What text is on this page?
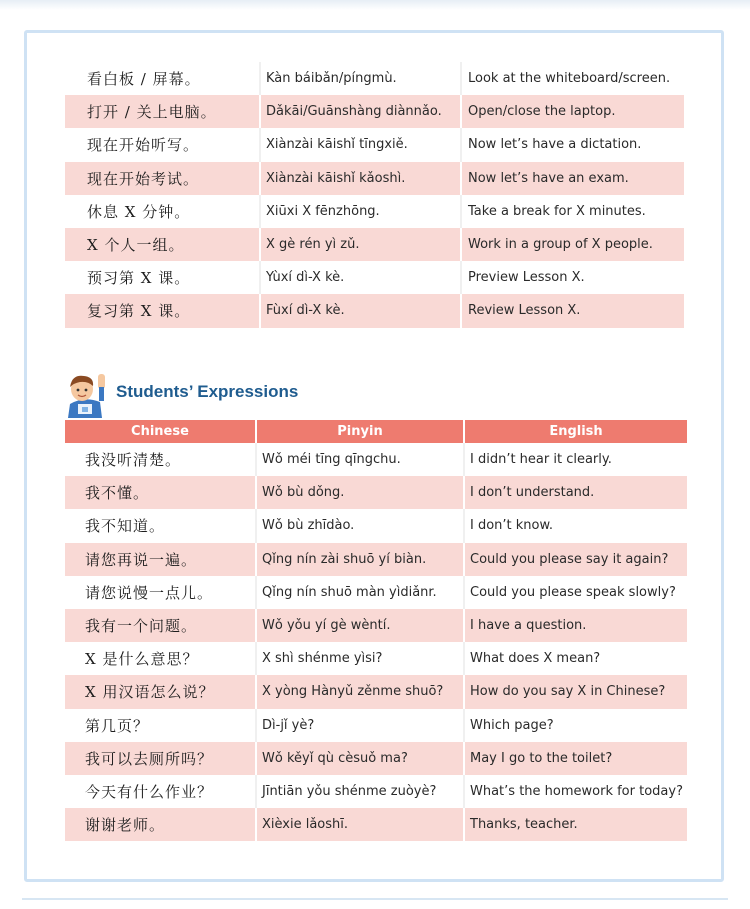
看白板 / 屏幕。	Kàn báibǎn/píngmù.	Look at the whiteboard/screen.
打开 / 关上电脑。	Dǎkāi/Guānshàng diànnǎo.	Open/close the laptop.
现在开始听写。	Xiànzài kāishǐ tīngxiě.	Now let’s have a dictation.
现在开始考试。	Xiànzài kāishǐ kǎoshì.	Now let’s have an exam.
休息 X 分钟。	Xiūxi X fēnzhōng.	Take a break for X minutes.
X 个人一组。	X gè rén yì zǔ.	Work in a group of X people.
预习第 X 课。	Yùxí dì-X kè.	Preview Lesson X.
复习第 X 课。	Fùxí dì-X kè.	Review Lesson X.
Students’ Expressions
Chinese	Pinyin	English
我没听清楚。	Wǒ méi tīng qīngchu.	I didn’t hear it clearly.
我不懂。	Wǒ bù dǒng.	I don’t understand.
我不知道。	Wǒ bù zhīdào.	I don’t know.
请您再说一遍。	Qǐng nín zài shuō yí biàn.	Could you please say it again?
请您说慢一点儿。	Qǐng nín shuō màn yìdiǎnr.	Could you please speak slowly?
我有一个问题。	Wǒ yǒu yí gè wèntí.	I have a question.
X 是什么意思？	X shì shénme yìsi?	What does X mean?
X 用汉语怎么说？	X yòng Hànyǔ zěnme shuō?	How do you say X in Chinese?
第几页？	Dì-jǐ yè?	Which page?
我可以去厕所吗？	Wǒ kěyǐ qù cèsuǒ ma?	May I go to the toilet?
今天有什么作业？	Jīntiān yǒu shénme zuòyè?	What’s the homework for today?
谢谢老师。	Xièxie lǎoshī.	Thanks, teacher.
